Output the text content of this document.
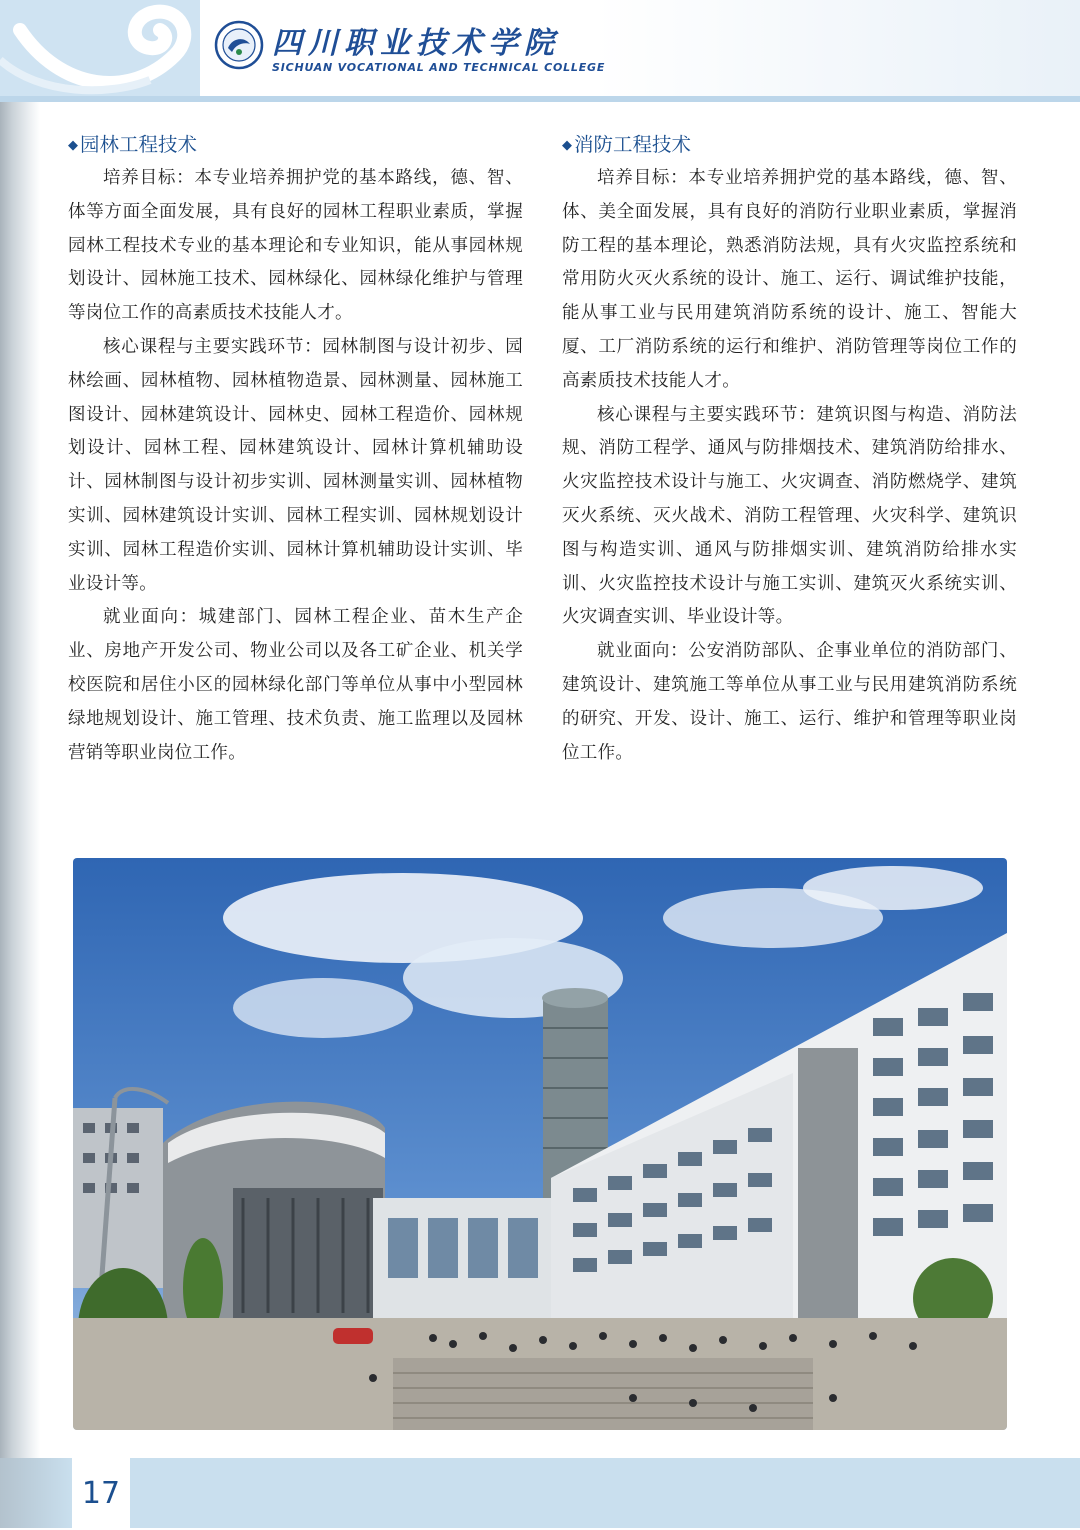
四川职业技术学院
SICHUAN VOCATIONAL AND TECHNICAL COLLEGE
◆ 园林工程技术

培养目标：本专业培养拥护党的基本路线，德、智、体等方面全面发展，具有良好的园林工程职业素质，掌握园林工程技术专业的基本理论和专业知识，能从事园林规划设计、园林施工技术、园林绿化、园林绿化维护与管理等岗位工作的高素质技术技能人才。

核心课程与主要实践环节：园林制图与设计初步、园林绘画、园林植物、园林植物造景、园林测量、园林施工图设计、园林建筑设计、园林史、园林工程造价、园林规划设计、园林工程、园林建筑设计、园林计算机辅助设计、园林制图与设计初步实训、园林测量实训、园林植物实训、园林建筑设计实训、园林工程实训、园林规划设计实训、园林工程造价实训、园林计算机辅助设计实训、毕业设计等。

就业面向：城建部门、园林工程企业、苗木生产企业、房地产开发公司、物业公司以及各工矿企业、机关学校医院和居住小区的园林绿化部门等单位从事中小型园林绿地规划设计、施工管理、技术负责、施工监理以及园林营销等职业岗位工作。

◆ 消防工程技术

培养目标：本专业培养拥护党的基本路线，德、智、体、美全面发展，具有良好的消防行业职业素质，掌握消防工程的基本理论，熟悉消防法规，具有火灾监控系统和常用防火灭火系统的设计、施工、运行、调试维护技能，能从事工业与民用建筑消防系统的设计、施工、智能大厦、工厂消防系统的运行和维护、消防管理等岗位工作的高素质技术技能人才。

核心课程与主要实践环节：建筑识图与构造、消防法规、消防工程学、通风与防排烟技术、建筑消防给排水、火灾监控技术设计与施工、火灾调查、消防燃烧学、建筑灭火系统、灭火战术、消防工程管理、火灾科学、建筑识图与构造实训、通风与防排烟实训、建筑消防给排水实训、火灾监控技术设计与施工实训、建筑灭火系统实训、火灾调查实训、毕业设计等。

就业面向：公安消防部队、企事业单位的消防部门、建筑设计、建筑施工等单位从事工业与民用建筑消防系统的研究、开发、设计、施工、运行、维护和管理等职业岗位工作。

17
